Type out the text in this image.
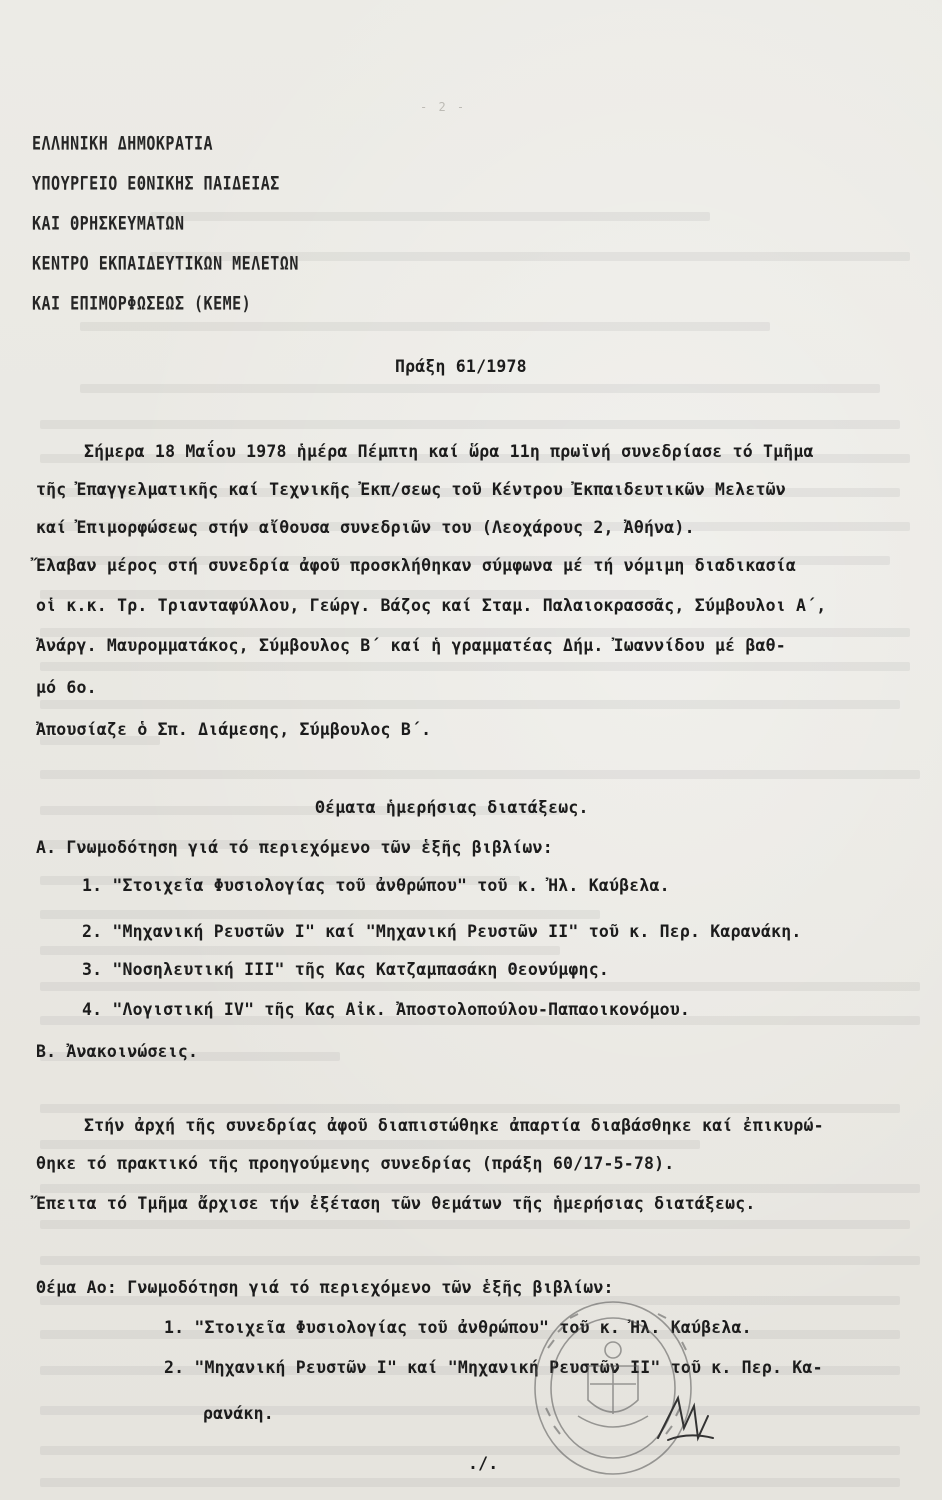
- 2 -
ΕΛΛΗΝΙΚΗ ΔΗΜΟΚΡΑΤΙΑ
ΥΠΟΥΡΓΕΙΟ ΕΘΝΙΚΗΣ ΠΑΙΔΕΙΑΣ
ΚΑΙ ΘΡΗΣΚΕΥΜΑΤΩΝ
ΚΕΝΤΡΟ ΕΚΠΑΙΔΕΥΤΙΚΩΝ ΜΕΛΕΤΩΝ
ΚΑΙ ΕΠΙΜΟΡΦΩΣΕΩΣ (ΚΕΜΕ)
Πράξη 61/1978
Σήμερα 18 Μαΐου 1978 ἡμέρα Πέμπτη καί ὥρα 11η πρωϊνή συνεδρίασε τό Τμῆμα
τῆς Ἐπαγγελματικῆς καί Τεχνικῆς Ἐκπ/σεως τοῦ Κέντρου Ἐκπαιδευτικῶν Μελετῶν
καί Ἐπιμορφώσεως στήν αἴθουσα συνεδριῶν του (Λεοχάρους 2, Ἀθήνα).
Ἔλαβαν μέρος στή συνεδρία ἀφοῦ προσκλήθηκαν σύμφωνα μέ τή νόμιμη διαδικασία
οἱ κ.κ. Τρ. Τριανταφύλλου, Γεώργ. Βάζος καί Σταμ. Παλαιοκρασσᾶς, Σύμβουλοι Α΄,
Ἀνάργ. Μαυρομματάκος, Σύμβουλος Β΄ καί ἡ γραμματέας Δήμ. Ἰωαννίδου μέ βαθ-
μό 6ο.
Ἀπουσίαζε ὁ Σπ. Διάμεσης, Σύμβουλος Β΄.
Θέματα ἡμερήσιας διατάξεως.
Α. Γνωμοδότηση γιά τό περιεχόμενο τῶν ἑξῆς βιβλίων:
1. "Στοιχεῖα Φυσιολογίας τοῦ ἀνθρώπου" τοῦ κ. Ἠλ. Καύβελα.
2. "Μηχανική Ρευστῶν Ι" καί "Μηχανική Ρευστῶν ΙΙ" τοῦ κ. Περ. Καρανάκη.
3. "Νοσηλευτική ΙΙΙ" τῆς Κας Κατζαμπασάκη Θεονύμφης.
4. "Λογιστική ΙV" τῆς Κας Αἰκ. Ἀποστολοπούλου-Παπαοικονόμου.
Β. Ἀνακοινώσεις.
Στήν ἀρχή τῆς συνεδρίας ἀφοῦ διαπιστώθηκε ἀπαρτία διαβάσθηκε καί ἐπικυρώ-
θηκε τό πρακτικό τῆς προηγούμενης συνεδρίας (πράξη 60/17-5-78).
Ἔπειτα τό Τμῆμα ἄρχισε τήν ἐξέταση τῶν θεμάτων τῆς ἡμερήσιας διατάξεως.
Θέμα Αο: Γνωμοδότηση γιά τό περιεχόμενο τῶν ἑξῆς βιβλίων:
1. "Στοιχεῖα Φυσιολογίας τοῦ ἀνθρώπου" τοῦ κ. Ἠλ. Καύβελα.
2. "Μηχανική Ρευστῶν Ι" καί "Μηχανική Ρευστῶν ΙΙ" τοῦ κ. Περ. Κα-
ρανάκη.
./.
